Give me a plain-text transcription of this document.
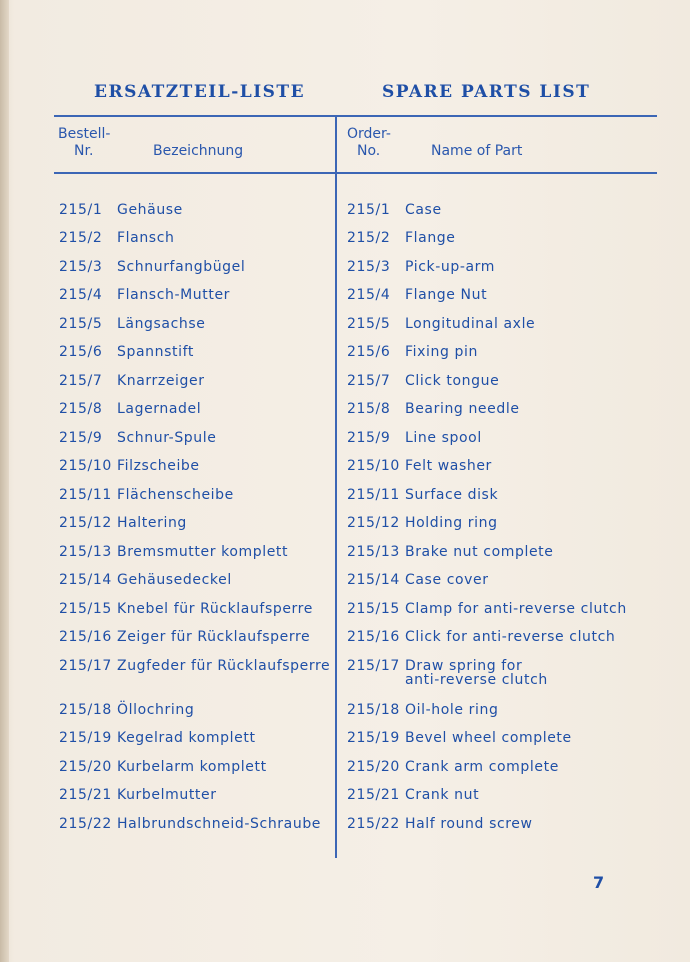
ERSATZTEIL-LISTE	SPARE PARTS LIST
Bestell-
Nr.	Bezeichnung
Order-
No.	Name of Part
215/1 Gehäuse	215/1 Case
215/2 Flansch	215/2 Flange
215/3 Schnurfangbügel	215/3 Pick-up-arm
215/4 Flansch-Mutter	215/4 Flange Nut
215/5 Längsachse	215/5 Longitudinal axle
215/6 Spannstift	215/6 Fixing pin
215/7 Knarrzeiger	215/7 Click tongue
215/8 Lagernadel	215/8 Bearing needle
215/9 Schnur-Spule	215/9 Line spool
215/10 Filzscheibe	215/10 Felt washer
215/11 Flächenscheibe	215/11 Surface disk
215/12 Haltering	215/12 Holding ring
215/13 Bremsmutter komplett	215/13 Brake nut complete
215/14 Gehäusedeckel	215/14 Case cover
215/15 Knebel für Rücklaufsperre 215/15 Clamp for anti-reverse clutch
215/16 Zeiger für Rücklaufsperre	215/16 Click for anti-reverse clutch
215/17 Zugfeder für Rücklaufsperre 215/17 Draw spring for
anti-reverse clutch
215/18 Öllochring	215/18 Oil-hole ring
215/19 Kegelrad komplett	215/19 Bevel wheel complete
215/20 Kurbelarm komplett	215/20 Crank arm complete
215/21 Kurbelmutter	215/21 Crank nut
215/22 Halbrundschneid-Schraube 215/22 Half round screw
7
